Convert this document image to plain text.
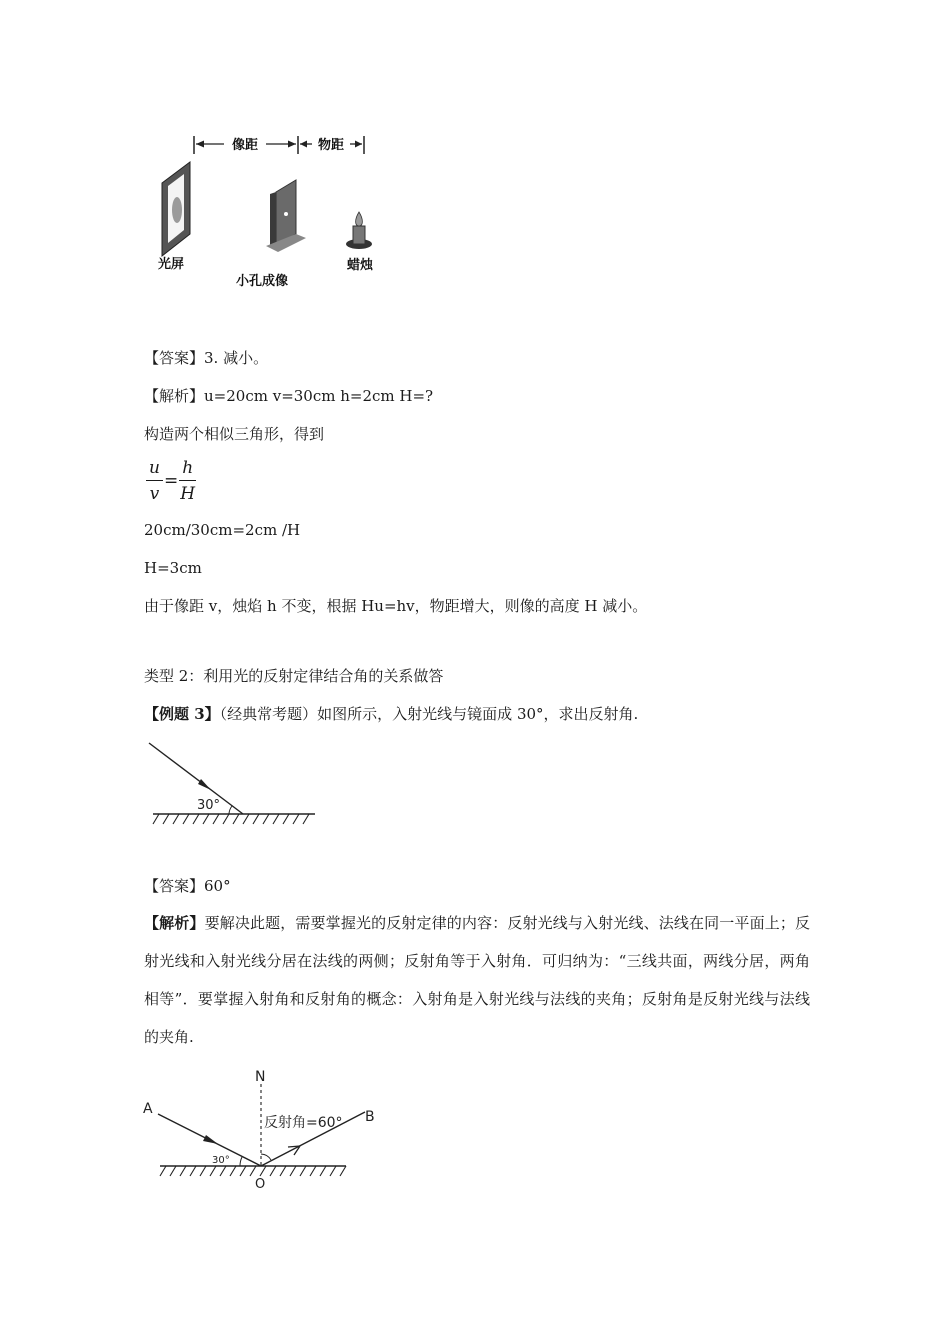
像距	物距
光屏
小孔成像
蜡烛
【答案】3. 减小。
【解析】u=20cm v=30cm h=2cm H=?
构造两个相似三角形，得到
$\frac{u}{v} = \frac{h}{H}$
20cm/30cm=2cm /H
H=3cm
由于像距 v，烛焰 h 不变，根据 Hu=hv，物距增大，则像的高度 H 减小。
类型 2：利用光的反射定律结合角的关系做答
【例题 3】（经典常考题）如图所示，入射光线与镜面成 30°，求出反射角.
30°
【答案】60°
【解析】要解决此题，需要掌握光的反射定律的内容：反射光线与入射光线、法线在同一平面上；反射光线和入射光线分居在法线的两侧；反射角等于入射角．可归纳为：“三线共面，两线分居，两角相等”．要掌握入射角和反射角的概念：入射角是入射光线与法线的夹角；反射角是反射光线与法线的夹角.
N
A	B
O
30°
反射角=60°
